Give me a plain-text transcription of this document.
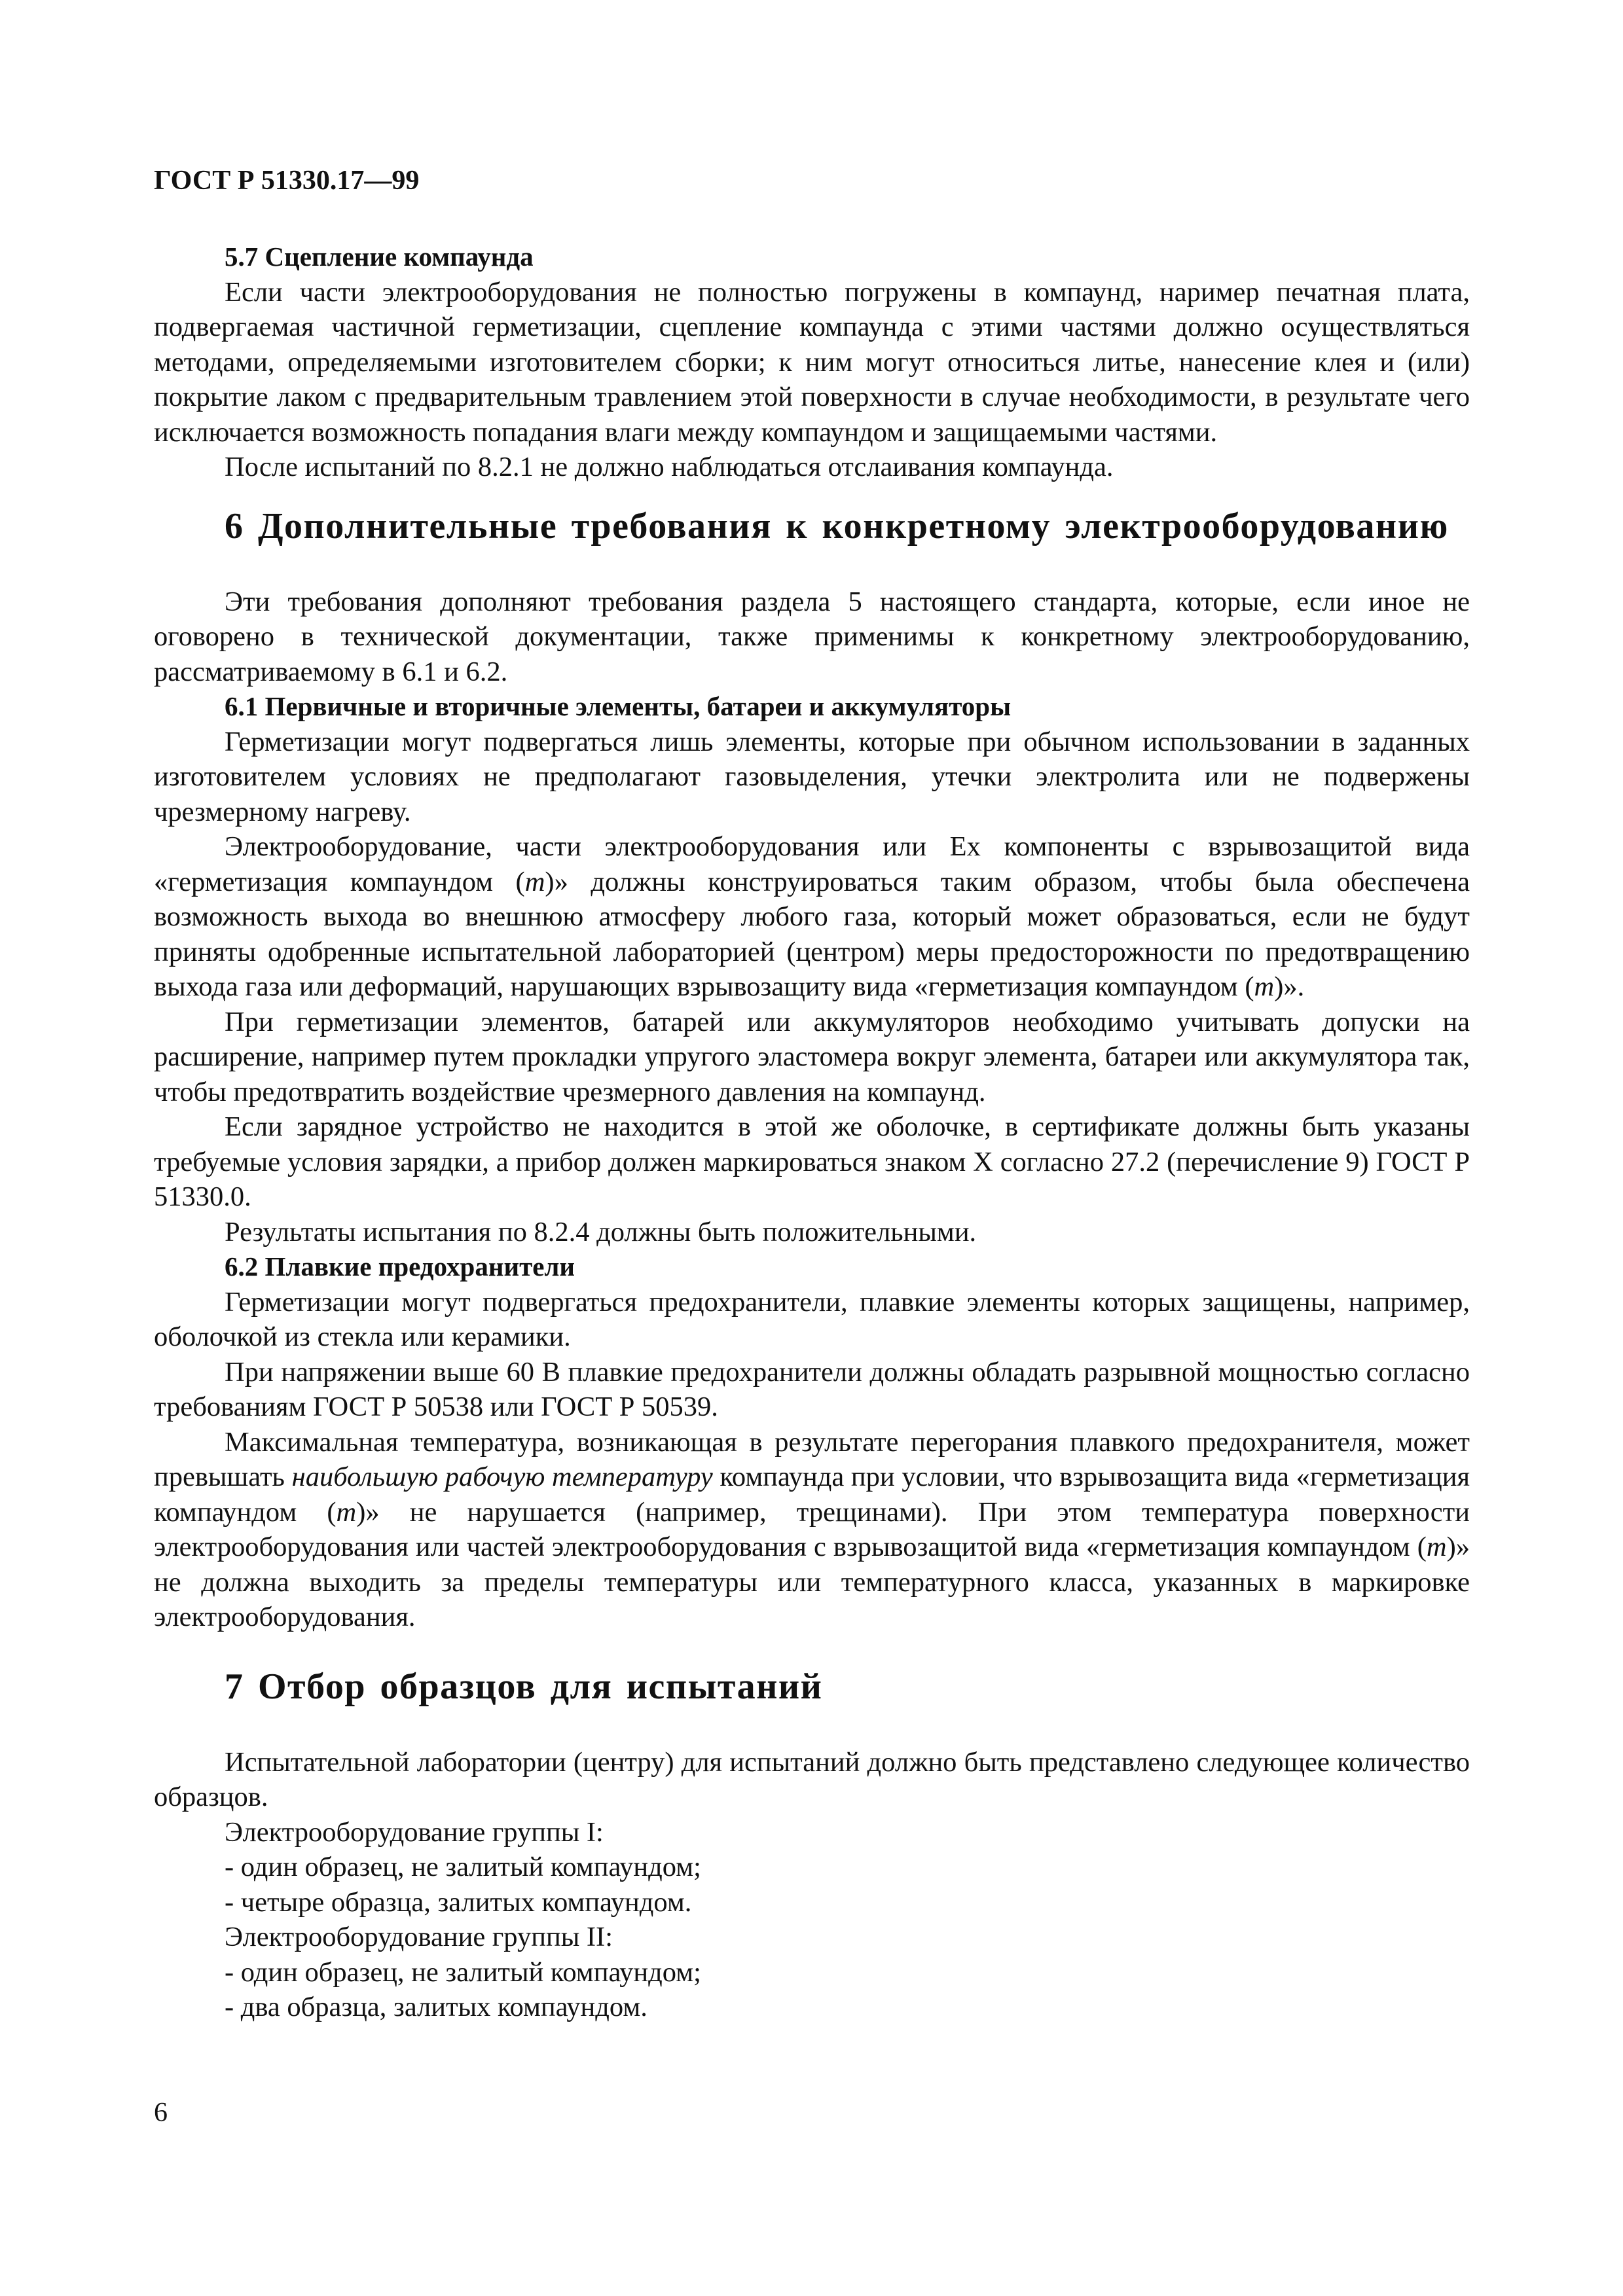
ГОСТ Р 51330.17—99

5.7 Сцепление компаунда

Если части электрооборудования не полностью погружены в компаунд, наример печатная плата, подвергаемая частичной герметизации, сцепление компаунда с этими частями должно осуществляться методами, определяемыми изготовителем сборки; к ним могут относиться литье, нанесение клея и (или) покрытие лаком с предварительным травлением этой поверхности в случае необходимости, в результате чего исключается возможность попадания влаги между компаундом и защищаемыми частями.

После испытаний по 8.2.1 не должно наблюдаться отслаивания компаунда.

6 Дополнительные требования к конкретному электрооборудованию

Эти требования дополняют требования раздела 5 настоящего стандарта, которые, если иное не оговорено в технической документации, также применимы к конкретному электрооборудованию, рассматриваемому в 6.1 и 6.2.

6.1 Первичные и вторичные элементы, батареи и аккумуляторы

Герметизации могут подвергаться лишь элементы, которые при обычном использовании в заданных изготовителем условиях не предполагают газовыделения, утечки электролита или не подвержены чрезмерному нагреву.

Электрооборудование, части электрооборудования или Ex компоненты с взрывозащитой вида «герметизация компаундом (m)» должны конструироваться таким образом, чтобы была обеспечена возможность выхода во внешнюю атмосферу любого газа, который может образоваться, если не будут приняты одобренные испытательной лабораторией (центром) меры предосторожности по предотвращению выхода газа или деформаций, нарушающих взрывозащиту вида «герметизация компаундом (m)».

При герметизации элементов, батарей или аккумуляторов необходимо учитывать допуски на расширение, например путем прокладки упругого эластомера вокруг элемента, батареи или аккумулятора так, чтобы предотвратить воздействие чрезмерного давления на компаунд.

Если зарядное устройство не находится в этой же оболочке, в сертификате должны быть указаны требуемые условия зарядки, а прибор должен маркироваться знаком X согласно 27.2 (перечисление 9) ГОСТ Р 51330.0.

Результаты испытания по 8.2.4 должны быть положительными.

6.2 Плавкие предохранители

Герметизации могут подвергаться предохранители, плавкие элементы которых защищены, например, оболочкой из стекла или керамики.

При напряжении выше 60 В плавкие предохранители должны обладать разрывной мощностью согласно требованиям ГОСТ Р 50538 или ГОСТ Р 50539.

Максимальная температура, возникающая в результате перегорания плавкого предохранителя, может превышать наибольшую рабочую температуру компаунда при условии, что взрывозащита вида «герметизация компаундом (m)» не нарушается (например, трещинами). При этом температура поверхности электрооборудования или частей электрооборудования с взрывозащитой вида «герметизация компаундом (m)» не должна выходить за пределы температуры или температурного класса, указанных в маркировке электрооборудования.

7 Отбор образцов для испытаний

Испытательной лаборатории (центру) для испытаний должно быть представлено следующее количество образцов.

Электрооборудование группы I:

- один образец, не залитый компаундом;

- четыре образца, залитых компаундом.

Электрооборудование группы II:

- один образец, не залитый компаундом;

- два образца, залитых компаундом.

6
